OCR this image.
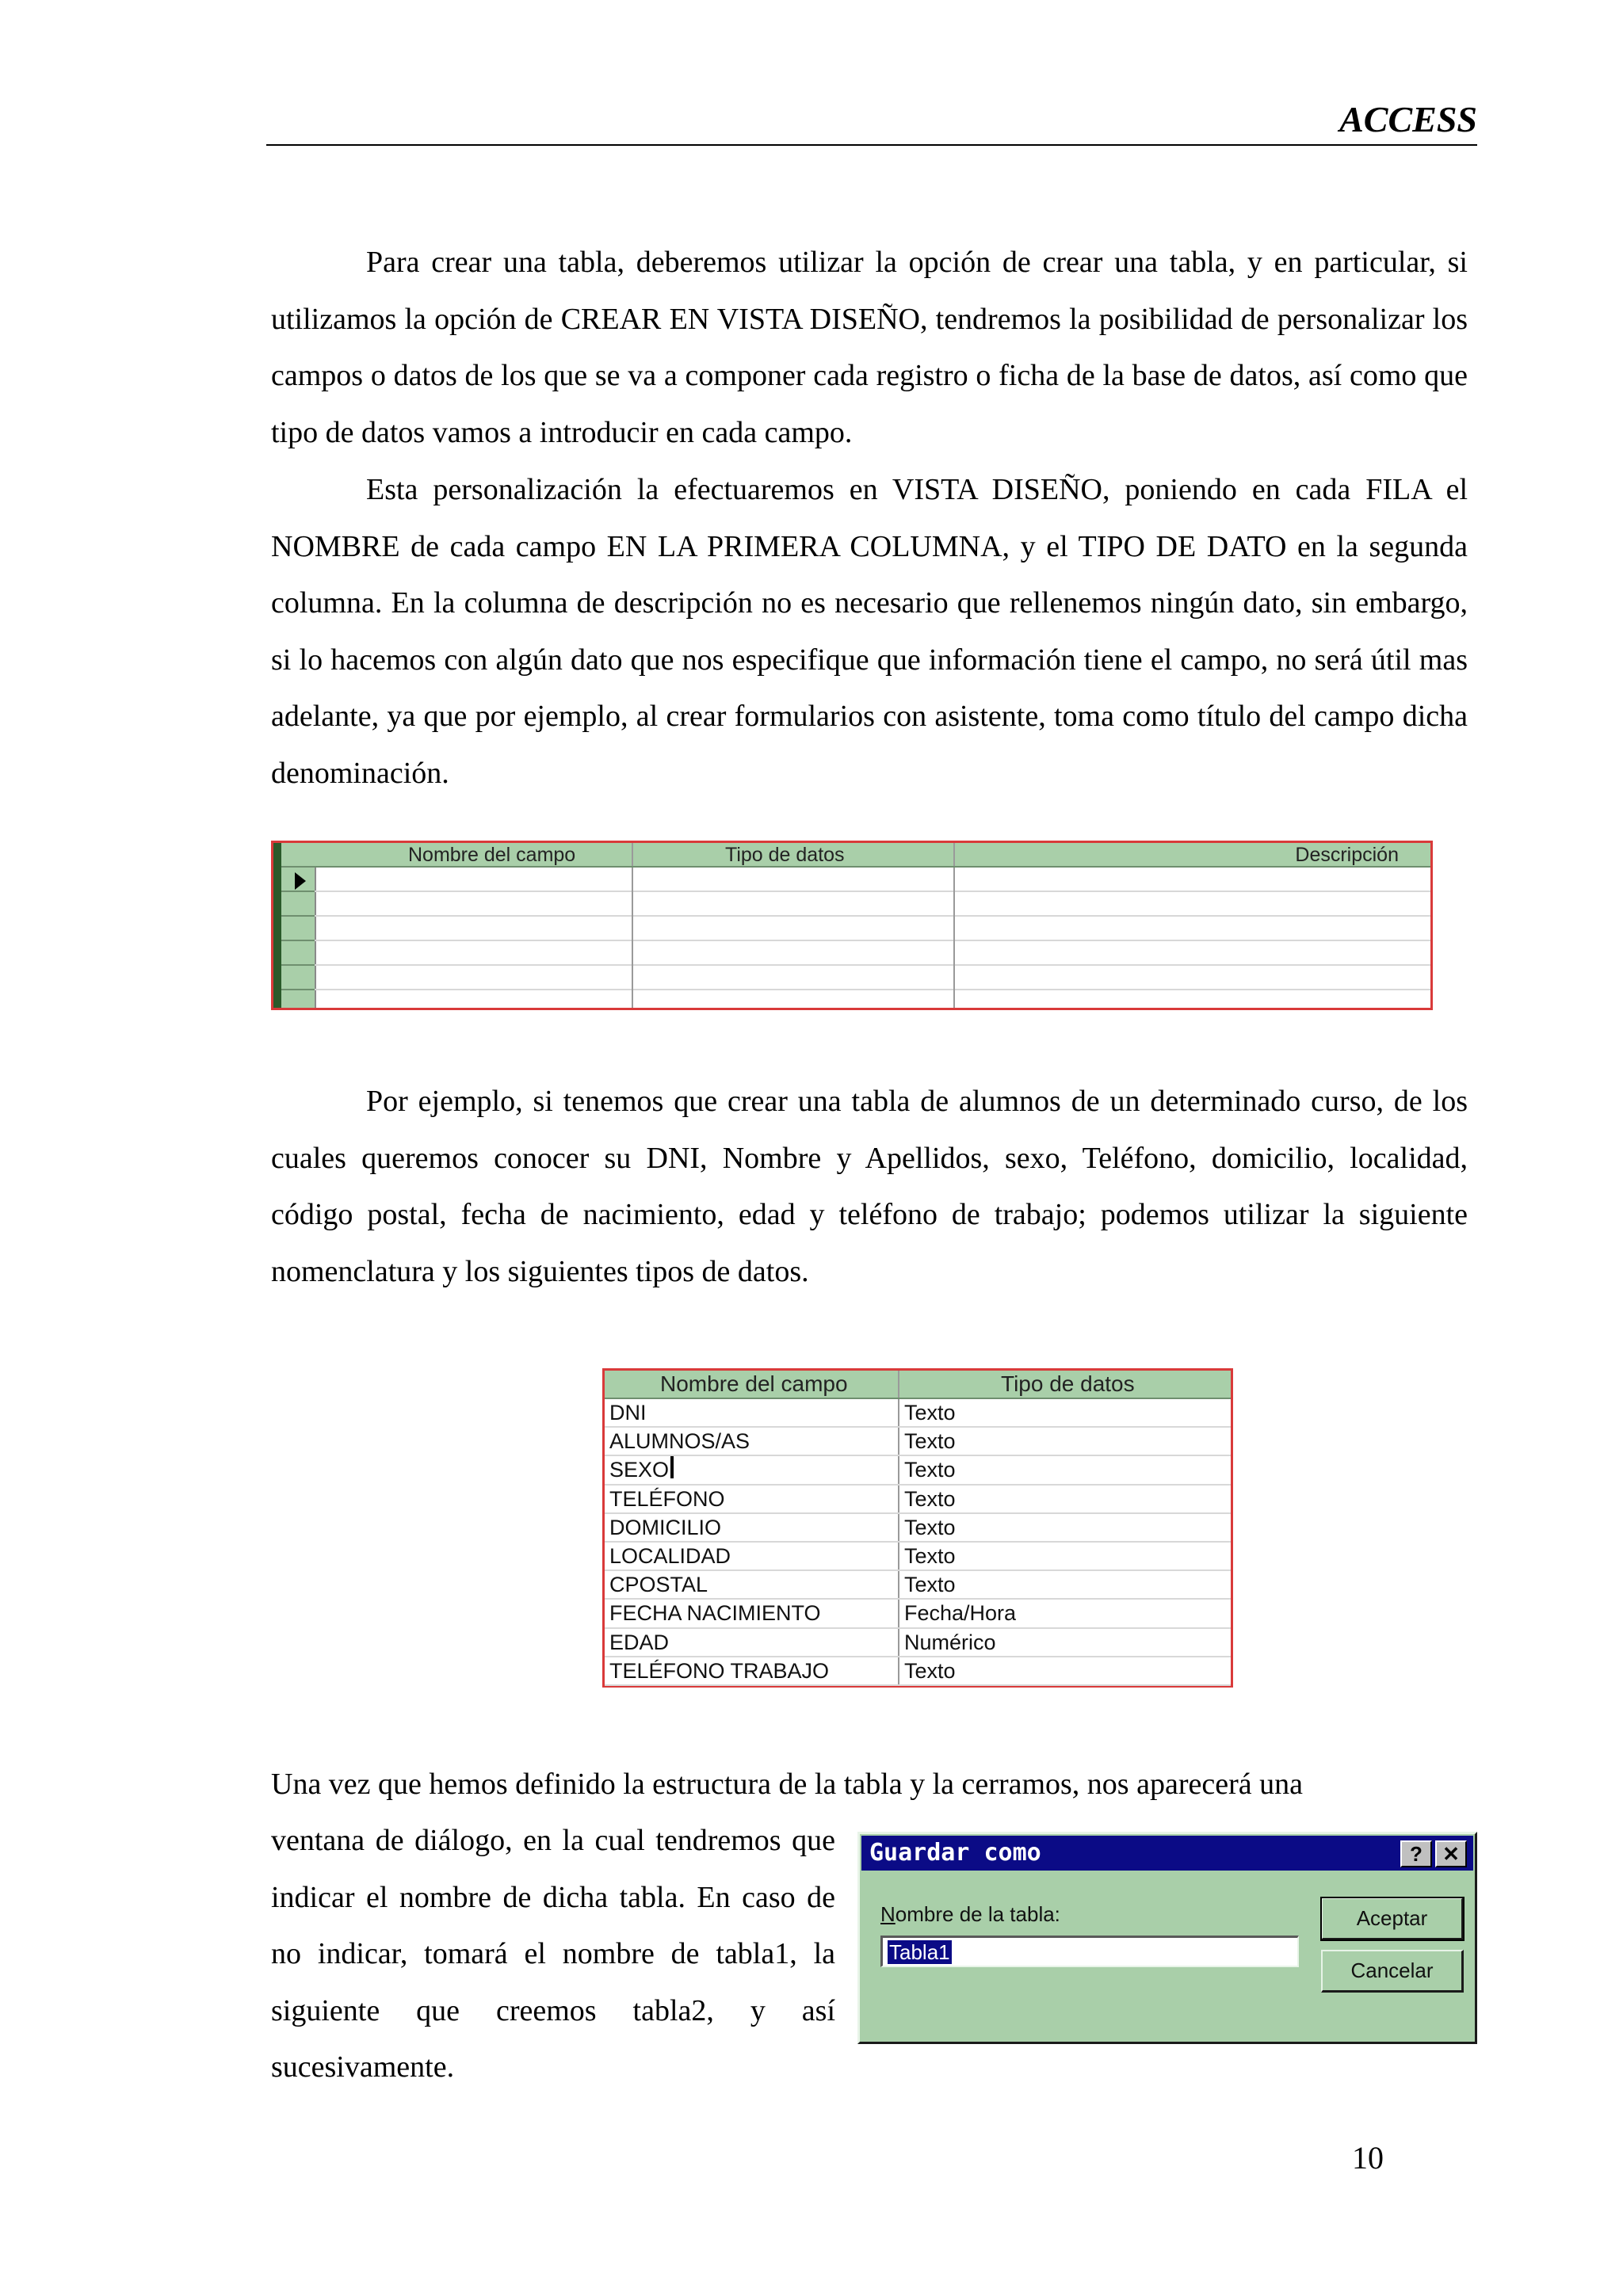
ACCESS

Para crear una tabla, deberemos utilizar la opción de crear una tabla, y en particular, si utilizamos la opción de CREAR EN VISTA DISEÑO, tendremos la posibilidad de personalizar los campos o datos de los que se va a componer cada registro o ficha de la base de datos, así como que tipo de datos vamos a introducir en cada campo.

Esta personalización la efectuaremos en VISTA DISEÑO, poniendo en cada FILA el NOMBRE de cada campo EN LA PRIMERA COLUMNA, y el TIPO DE DATO en la segunda columna. En la columna de descripción no es necesario que rellenemos ningún dato, sin embargo, si lo hacemos con algún dato que nos especifique que información tiene el campo, no será útil mas adelante, ya que por ejemplo, al crear formularios con asistente, toma como título del campo dicha denominación.

Nombre del campo	Tipo de datos	Descripción

Por ejemplo, si tenemos que crear una tabla de alumnos de un determinado curso, de los cuales queremos conocer su DNI, Nombre y Apellidos, sexo, Teléfono, domicilio, localidad, código postal, fecha de nacimiento, edad y teléfono de trabajo; podemos utilizar la siguiente nomenclatura y los siguientes tipos de datos.

Nombre del campo	Tipo de datos
DNI	Texto
ALUMNOS/AS	Texto
SEXO	Texto
TELÉFONO	Texto
DOMICILIO	Texto
LOCALIDAD	Texto
CPOSTAL	Texto
FECHA NACIMIENTO	Fecha/Hora
EDAD	Numérico
TELÉFONO TRABAJO	Texto

Una vez que hemos definido la estructura de la tabla y la cerramos, nos aparecerá una

ventana de diálogo, en la cual tendremos que indicar el nombre de dicha tabla. En caso de no indicar, tomará el nombre de tabla1, la siguiente que creemos tabla2, y así sucesivamente.

Guardar como	? ✕
Nombre de la tabla:
Tabla1
Aceptar
Cancelar
10
